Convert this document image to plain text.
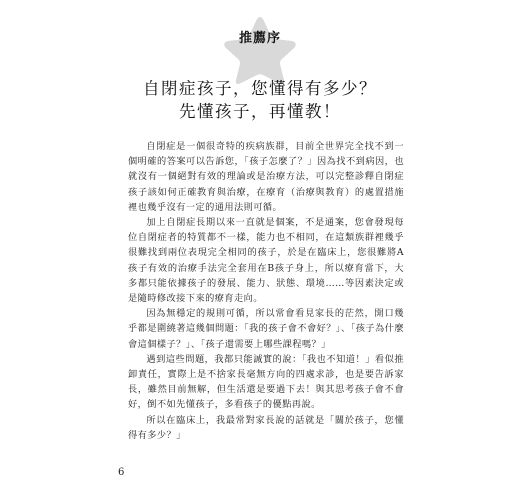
推薦序
自閉症孩子，您懂得有多少？
先懂孩子，再懂教！

自閉症是一個很奇特的疾病族群，目前全世界完全找不到一個明確的答案可以告訴您，「孩子怎麼了？」因為找不到病因，也就沒有一個絕對有效的理論或是治療方法，可以完整診釋自閉症孩子該如何正確教育與治療，在療育（治療與教育）的處置措施裡也幾乎沒有一定的通用法則可循。

加上自閉症長期以來一直就是個案，不是通案，您會發現每位自閉症者的特質都不一樣，能力也不相同，在這類族群裡幾乎很難找到兩位表現完全相同的孩子，於是在臨床上，您很難將A孩子有效的治療手法完全套用在B孩子身上，所以療育當下，大多都只能依據孩子的發展、能力、狀態、環境……等因素決定或是隨時修改接下來的療育走向。

因為無穩定的規則可循，所以常會看見家長的茫然，開口幾乎都是圍繞著這幾個問題：「我的孩子會不會好？」、「孩子為什麼會這個樣子？」、「孩子還需要上哪些課程嗎？」

遇到這些問題，我都只能誠實的說：「我也不知道！」看似推卸責任，實際上是不捨家長毫無方向的四處求診，也是要告訴家長，雖然目前無解，但生活還是要過下去！與其思考孩子會不會好，倒不如先懂孩子，多看孩子的優點再說。

所以在臨床上，我最常對家長說的話就是「關於孩子，您懂得有多少？」

6
